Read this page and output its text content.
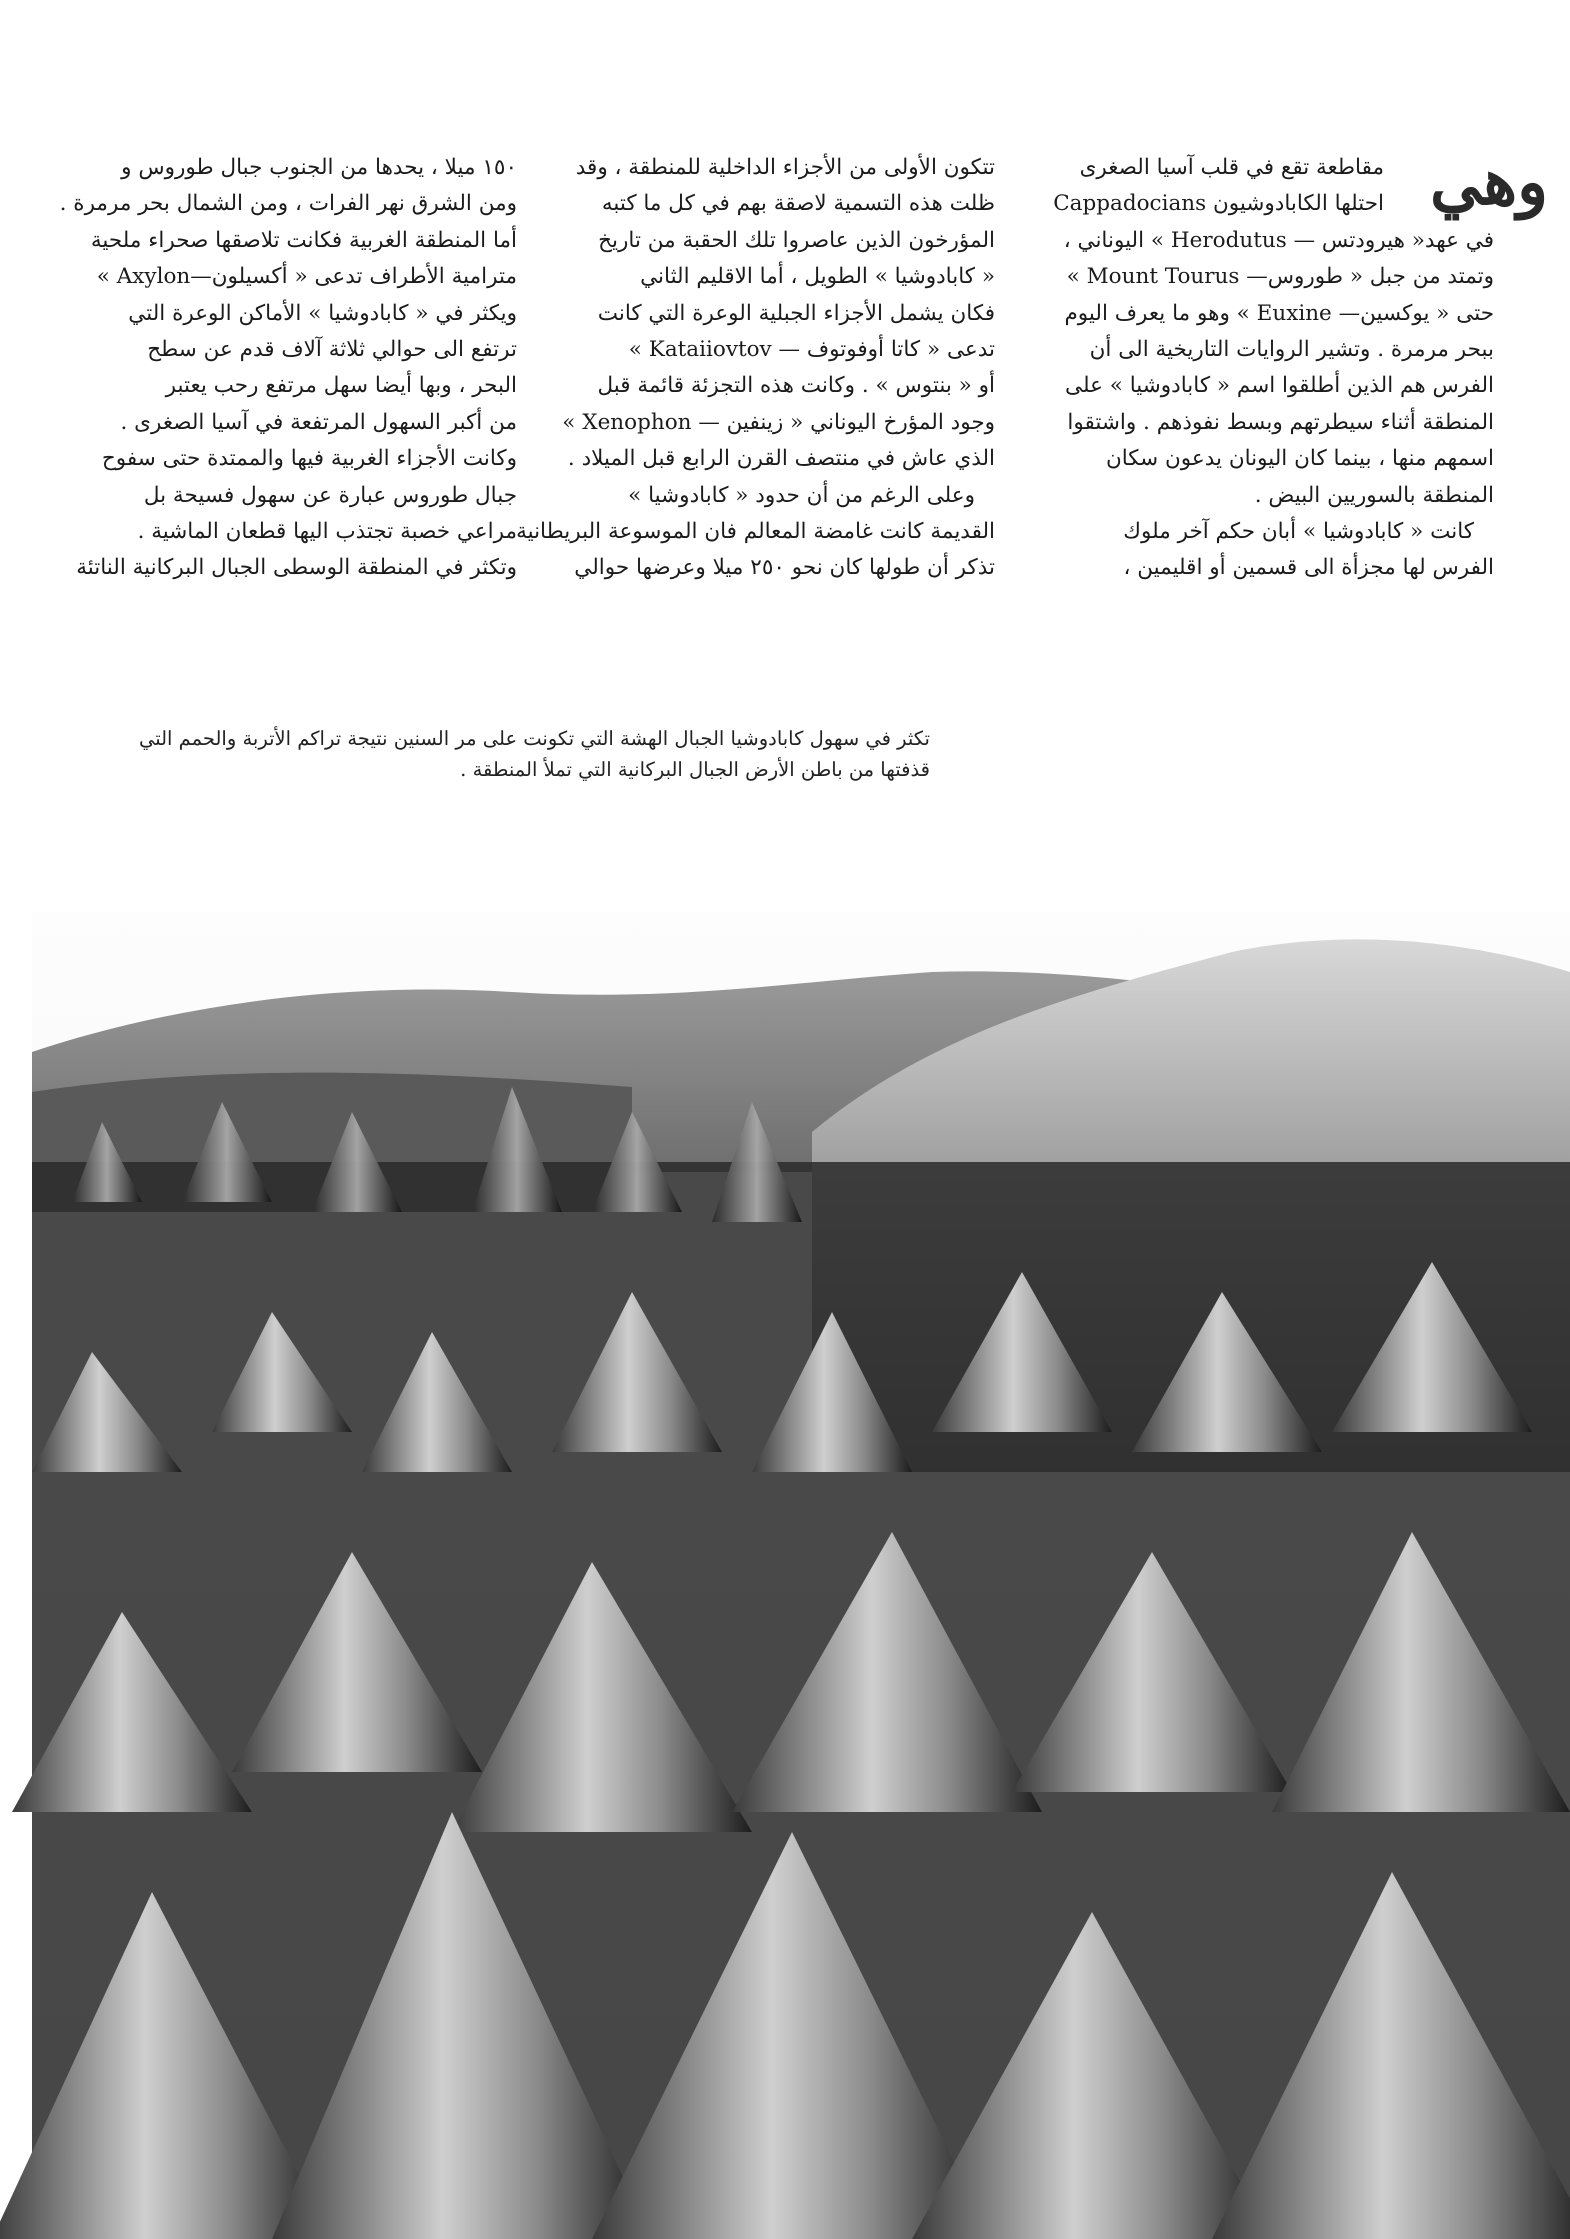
وهي
مقاطعة تقع في قلب آسيا الصغرى
احتلها الكابادوشيون Cappadocians
في عهد« هيرودتس — Herodutus » اليوناني ،
وتمتد من جبل « طوروس— Mount Tourus »
حتى « يوكسين— Euxine » وهو ما يعرف اليوم
ببحر مرمرة . وتشير الروايات التاريخية الى أن
الفرس هم الذين أطلقوا اسم « كابادوشيا » على
المنطقة أثناء سيطرتهم وبسط نفوذهم . واشتقوا
اسمهم منها ، بينما كان اليونان يدعون سكان
المنطقة بالسوريين البيض .
كانت « كابادوشيا » أبان حكم آخر ملوك
الفرس لها مجزأة الى قسمين أو اقليمين ،
تتكون الأولى من الأجزاء الداخلية للمنطقة ، وقد
ظلت هذه التسمية لاصقة بهم في كل ما كتبه
المؤرخون الذين عاصروا تلك الحقبة من تاريخ
« كابادوشيا » الطويل ، أما الاقليم الثاني
فكان يشمل الأجزاء الجبلية الوعرة التي كانت
تدعى « كاتا أوفوتوف — Kataiiovtov »
أو « بنتوس » . وكانت هذه التجزئة قائمة قبل
وجود المؤرخ اليوناني « زينفين — Xenophon »
الذي عاش في منتصف القرن الرابع قبل الميلاد .
وعلى الرغم من أن حدود « كابادوشيا »
القديمة كانت غامضة المعالم فان الموسوعة البريطانية
تذكر أن طولها كان نحو ٢٥٠ ميلا وعرضها حوالي
١٥٠ ميلا ، يحدها من الجنوب جبال طوروس و
ومن الشرق نهر الفرات ، ومن الشمال بحر مرمرة .
أما المنطقة الغربية فكانت تلاصقها صحراء ملحية
مترامية الأطراف تدعى « أكسيلون—Axylon »
ويكثر في « كابادوشيا » الأماكن الوعرة التي
ترتفع الى حوالي ثلاثة آلاف قدم عن سطح
البحر ، وبها أيضا سهل مرتفع رحب يعتبر
من أكبر السهول المرتفعة في آسيا الصغرى .
وكانت الأجزاء الغربية فيها والممتدة حتى سفوح
جبال طوروس عبارة عن سهول فسيحة بل
مراعي خصبة تجتذب اليها قطعان الماشية .
وتكثر في المنطقة الوسطى الجبال البركانية الناتئة
تكثر في سهول كابادوشيا الجبال الهشة التي تكونت على مر السنين نتيجة تراكم الأتربة والحمم التي
قذفتها من باطن الأرض الجبال البركانية التي تملأ المنطقة .
